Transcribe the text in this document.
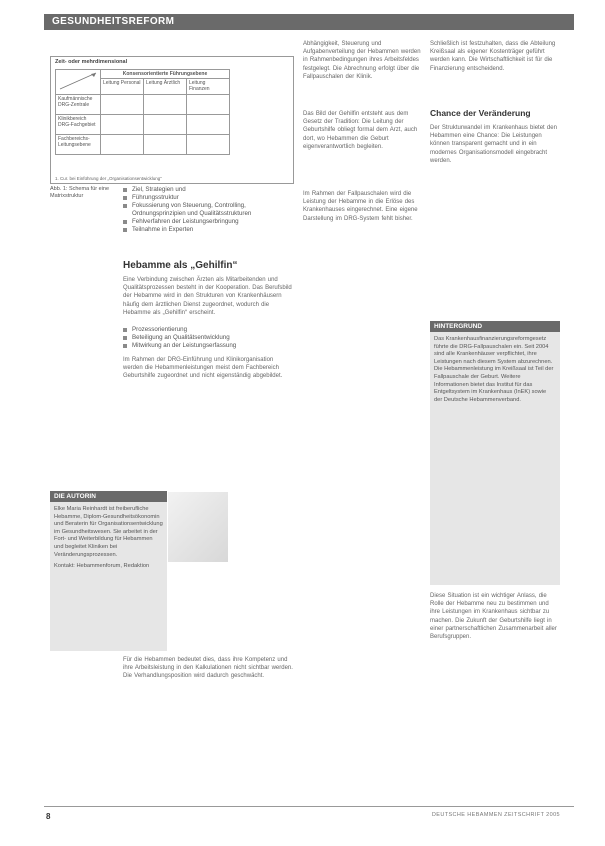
GESUNDHEITSREFORM
Zeit- oder mehrdimensional
	Konsensorientierte Führungsebene		
	Leitung Personal	Leitung Ärztlich	Leitung Finanzen
Kaufmännische DRG-Zentrale			
Klinikbereich DRG-Fachgebiet			
Fachbereichs- Leitungsebene			
1. Cur. bei Einführung der „Organisationsentwicklung“
Abb. 1: Schema für eine Matrixstruktur
Ziel, Strategien und
Führungsstruktur
Fokussierung von Steuerung, Controlling, Ordnungsprinzipien und Qualitätsstrukturen
Fehlverfahren der Leistungserbringung
Teilnahme in Experten
Hebamme als „Gehilfin“
Eine Verbindung zwischen Ärzten als Mitarbeitenden und Qualitätsprozessen besteht in der Kooperation. Das Berufsbild der Hebamme wird in den Strukturen von Krankenhäusern häufig dem ärztlichen Dienst zugeordnet, wodurch die Hebamme als „Gehilfin“ erscheint.
Prozessorientierung
Beteiligung an Qualitätsentwicklung
Mitwirkung an der Leistungserfassung
Im Rahmen der DRG-Einführung und Klinikorganisation werden die Hebammenleistungen meist dem Fachbereich Geburtshilfe zugeordnet und nicht eigenständig abgebildet.
DIE AUTORIN
Elke Maria Reinhardt ist freiberufliche Hebamme, Diplom-Gesundheitsökonomin und Beraterin für Organisationsentwicklung im Gesundheitswesen. Sie arbeitet in der Fort- und Weiterbildung für Hebammen und begleitet Kliniken bei Veränderungsprozessen.
Kontakt: Hebammenforum, Redaktion

Für die Hebammen bedeutet dies, dass ihre Kompetenz und ihre Arbeitsleistung in den Kalkulationen nicht sichtbar werden. Die Verhandlungsposition wird dadurch geschwächt.
Abhängigkeit, Steuerung und Aufgabenverteilung der Hebammen werden in Rahmenbedingungen ihres Arbeitsfeldes festgelegt. Die Abrechnung erfolgt über die Fallpauschalen der Klinik.
Das Bild der Gehilfin entsteht aus dem Gesetz der Tradition: Die Leitung der Geburtshilfe obliegt formal dem Arzt, auch dort, wo Hebammen die Geburt eigenverantwortlich begleiten.
Im Rahmen der Fallpauschalen wird die Leistung der Hebamme in die Erlöse des Krankenhauses eingerechnet. Eine eigene Darstellung im DRG-System fehlt bisher.
Schließlich ist festzuhalten, dass die Abteilung Kreißsaal als eigener Kostenträger geführt werden kann. Die Wirtschaftlichkeit ist für die Finanzierung entscheidend.
Chance der Veränderung
Der Strukturwandel im Krankenhaus bietet den Hebammen eine Chance: Die Leistungen können transparent gemacht und in ein modernes Organisationsmodell eingebracht werden.
HINTERGRUND
Das Krankenhausfinanzierungsreformgesetz führte die DRG-Fallpauschalen ein. Seit 2004 sind alle Krankenhäuser verpflichtet, ihre Leistungen nach diesem System abzurechnen. Die Hebammenleistung im Kreißsaal ist Teil der Fallpauschale der Geburt. Weitere Informationen bietet das Institut für das Entgeltsystem im Krankenhaus (InEK) sowie der Deutsche Hebammenverband.
Diese Situation ist ein wichtiger Anlass, die Rolle der Hebamme neu zu bestimmen und ihre Leistungen im Krankenhaus sichtbar zu machen. Die Zukunft der Geburtshilfe liegt in einer partnerschaftlichen Zusammenarbeit aller Berufsgruppen.
8	DEUTSCHE HEBAMMEN ZEITSCHRIFT 2005
